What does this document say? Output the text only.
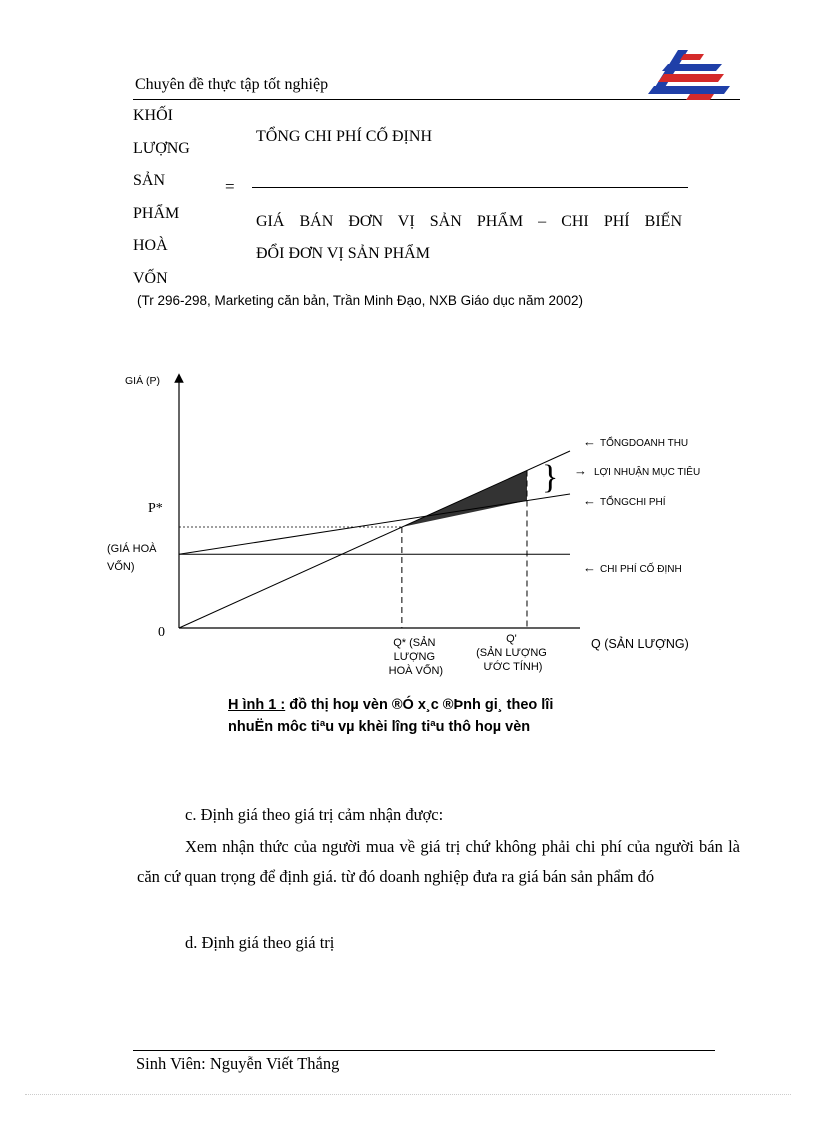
Chuyên đề thực tập tốt nghiệp
KHỐI
LƯỢNG
SẢN
PHẨM
HOÀ
VỐN
=
TỔNG CHI PHÍ CỐ ĐỊNH
GIÁ BÁN ĐƠN VỊ SẢN PHẨM – CHI PHÍ BIẾN
ĐỔI ĐƠN VỊ SẢN PHẨM
(Tr 296-298, Marketing căn bản, Trần Minh Đạo, NXB Giáo dục năm 2002)
GIÁ (P)
Q (SẢN LƯỢNG)
0
P*
(GIÁ HOÀ
VỐN)
Q* (SẢN LƯỢNG HOÀ VỐN)
Q' (SẢN LƯỢNG ƯỚC TÍNH)
}
← TỔNGDOANH THU
→ LỢI NHUẬN MỤC TIÊU
← TỔNGCHI PHÍ
← CHI PHÍ CỐ ĐỊNH
H ình 1 : đồ thị hoµ vèn ®Ó x¸c ®Þnh gi¸ theo lîi
nhuËn môc tiªu vµ khèi lîng tiªu thô hoµ vèn
c. Định giá theo giá trị cảm nhận được:
Xem nhận thức của người mua về giá trị chứ không phải chi phí của người bán là căn cứ quan trọng để định giá. từ đó doanh nghiệp đưa ra giá bán sản phẩm đó
d. Định giá theo giá trị
Sinh Viên: Nguyễn Viết Thắng
